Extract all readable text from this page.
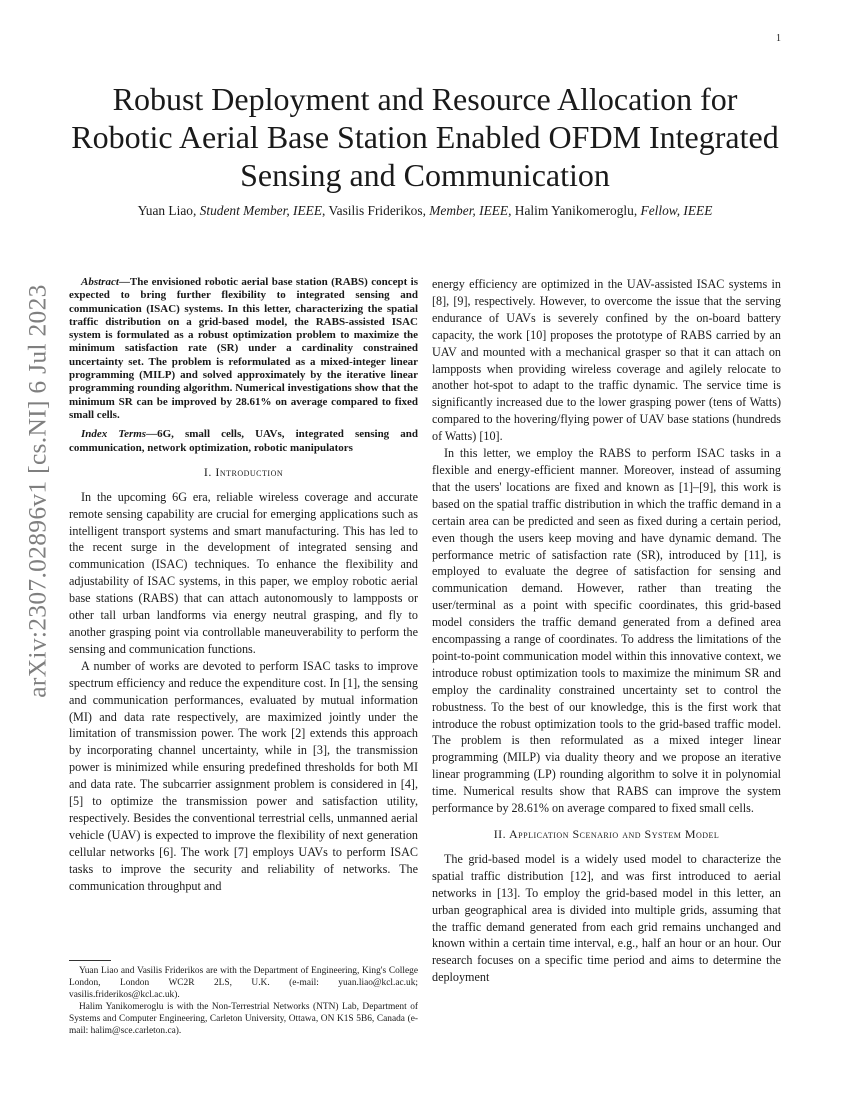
1
arXiv:2307.02896v1 [cs.NI] 6 Jul 2023
Robust Deployment and Resource Allocation for Robotic Aerial Base Station Enabled OFDM Integrated Sensing and Communication

Yuan Liao, Student Member, IEEE, Vasilis Friderikos, Member, IEEE, Halim Yanikomeroglu, Fellow, IEEE

Abstract—The envisioned robotic aerial base station (RABS) concept is expected to bring further flexibility to integrated sensing and communication (ISAC) systems. In this letter, characterizing the spatial traffic distribution on a grid-based model, the RABS-assisted ISAC system is formulated as a robust optimization problem to maximize the minimum satisfaction rate (SR) under a cardinality constrained uncertainty set. The problem is reformulated as a mixed-integer linear programming (MILP) and solved approximately by the iterative linear programming rounding algorithm. Numerical investigations show that the minimum SR can be improved by 28.61% on average compared to fixed small cells.

Index Terms—6G, small cells, UAVs, integrated sensing and communication, network optimization, robotic manipulators

I. Introduction

In the upcoming 6G era, reliable wireless coverage and accurate remote sensing capability are crucial for emerging applications such as intelligent transport systems and smart manufacturing. This has led to the recent surge in the development of integrated sensing and communication (ISAC) techniques. To enhance the flexibility and adjustability of ISAC systems, in this paper, we employ robotic aerial base stations (RABS) that can attach autonomously to lampposts or other tall urban landforms via energy neutral grasping, and fly to another grasping point via controllable maneuverability to perform the sensing and communication functions.

A number of works are devoted to perform ISAC tasks to improve spectrum efficiency and reduce the expenditure cost. In [1], the sensing and communication performances, evaluated by mutual information (MI) and data rate respectively, are maximized jointly under the limitation of transmission power. The work [2] extends this approach by incorporating channel uncertainty, while in [3], the transmission power is minimized while ensuring predefined thresholds for both MI and data rate. The subcarrier assignment problem is considered in [4], [5] to optimize the transmission power and satisfaction utility, respectively. Besides the conventional terrestrial cells, unmanned aerial vehicle (UAV) is expected to improve the flexibility of next generation cellular networks [6]. The work [7] employs UAVs to perform ISAC tasks to improve the security and reliability of networks. The communication throughput and

energy efficiency are optimized in the UAV-assisted ISAC systems in [8], [9], respectively. However, to overcome the issue that the serving endurance of UAVs is severely confined by the on-board battery capacity, the work [10] proposes the prototype of RABS carried by an UAV and mounted with a mechanical grasper so that it can attach on lampposts when providing wireless coverage and agilely relocate to another hot-spot to adapt to the traffic dynamic. The service time is significantly increased due to the lower grasping power (tens of Watts) compared to the hovering/flying power of UAV base stations (hundreds of Watts) [10].

In this letter, we employ the RABS to perform ISAC tasks in a flexible and energy-efficient manner. Moreover, instead of assuming that the users' locations are fixed and known as [1]–[9], this work is based on the spatial traffic distribution in which the traffic demand in a certain area can be predicted and seen as fixed during a certain period, even though the users keep moving and have dynamic demand. The performance metric of satisfaction rate (SR), introduced by [11], is employed to evaluate the degree of satisfaction for sensing and communication demand. However, rather than treating the user/terminal as a point with specific coordinates, this grid-based model considers the traffic demand generated from a defined area encompassing a range of coordinates. To address the limitations of the point-to-point communication model within this innovative context, we introduce robust optimization tools to maximize the minimum SR and employ the cardinality constrained uncertainty set to control the robustness. To the best of our knowledge, this is the first work that introduce the robust optimization tools to the grid-based traffic model. The problem is then reformulated as a mixed integer linear programming (MILP) via duality theory and we propose an iterative linear programming (LP) rounding algorithm to solve it in polynomial time. Numerical results show that RABS can improve the system performance by 28.61% on average compared to fixed small cells.

II. Application Scenario and System Model

The grid-based model is a widely used model to characterize the spatial traffic distribution [12], and was first introduced to aerial networks in [13]. To employ the grid-based model in this letter, an urban geographical area is divided into multiple grids, assuming that the traffic demand generated from each grid remains unchanged and known within a certain time interval, e.g., half an hour or an hour. Our research focuses on a specific time period and aims to determine the deployment

Yuan Liao and Vasilis Friderikos are with the Department of Engineering, King's College London, London WC2R 2LS, U.K. (e-mail: yuan.liao@kcl.ac.uk; vasilis.friderikos@kcl.ac.uk).

Halim Yanikomeroglu is with the Non-Terrestrial Networks (NTN) Lab, Department of Systems and Computer Engineering, Carleton University, Ottawa, ON K1S 5B6, Canada (e-mail: halim@sce.carleton.ca).
